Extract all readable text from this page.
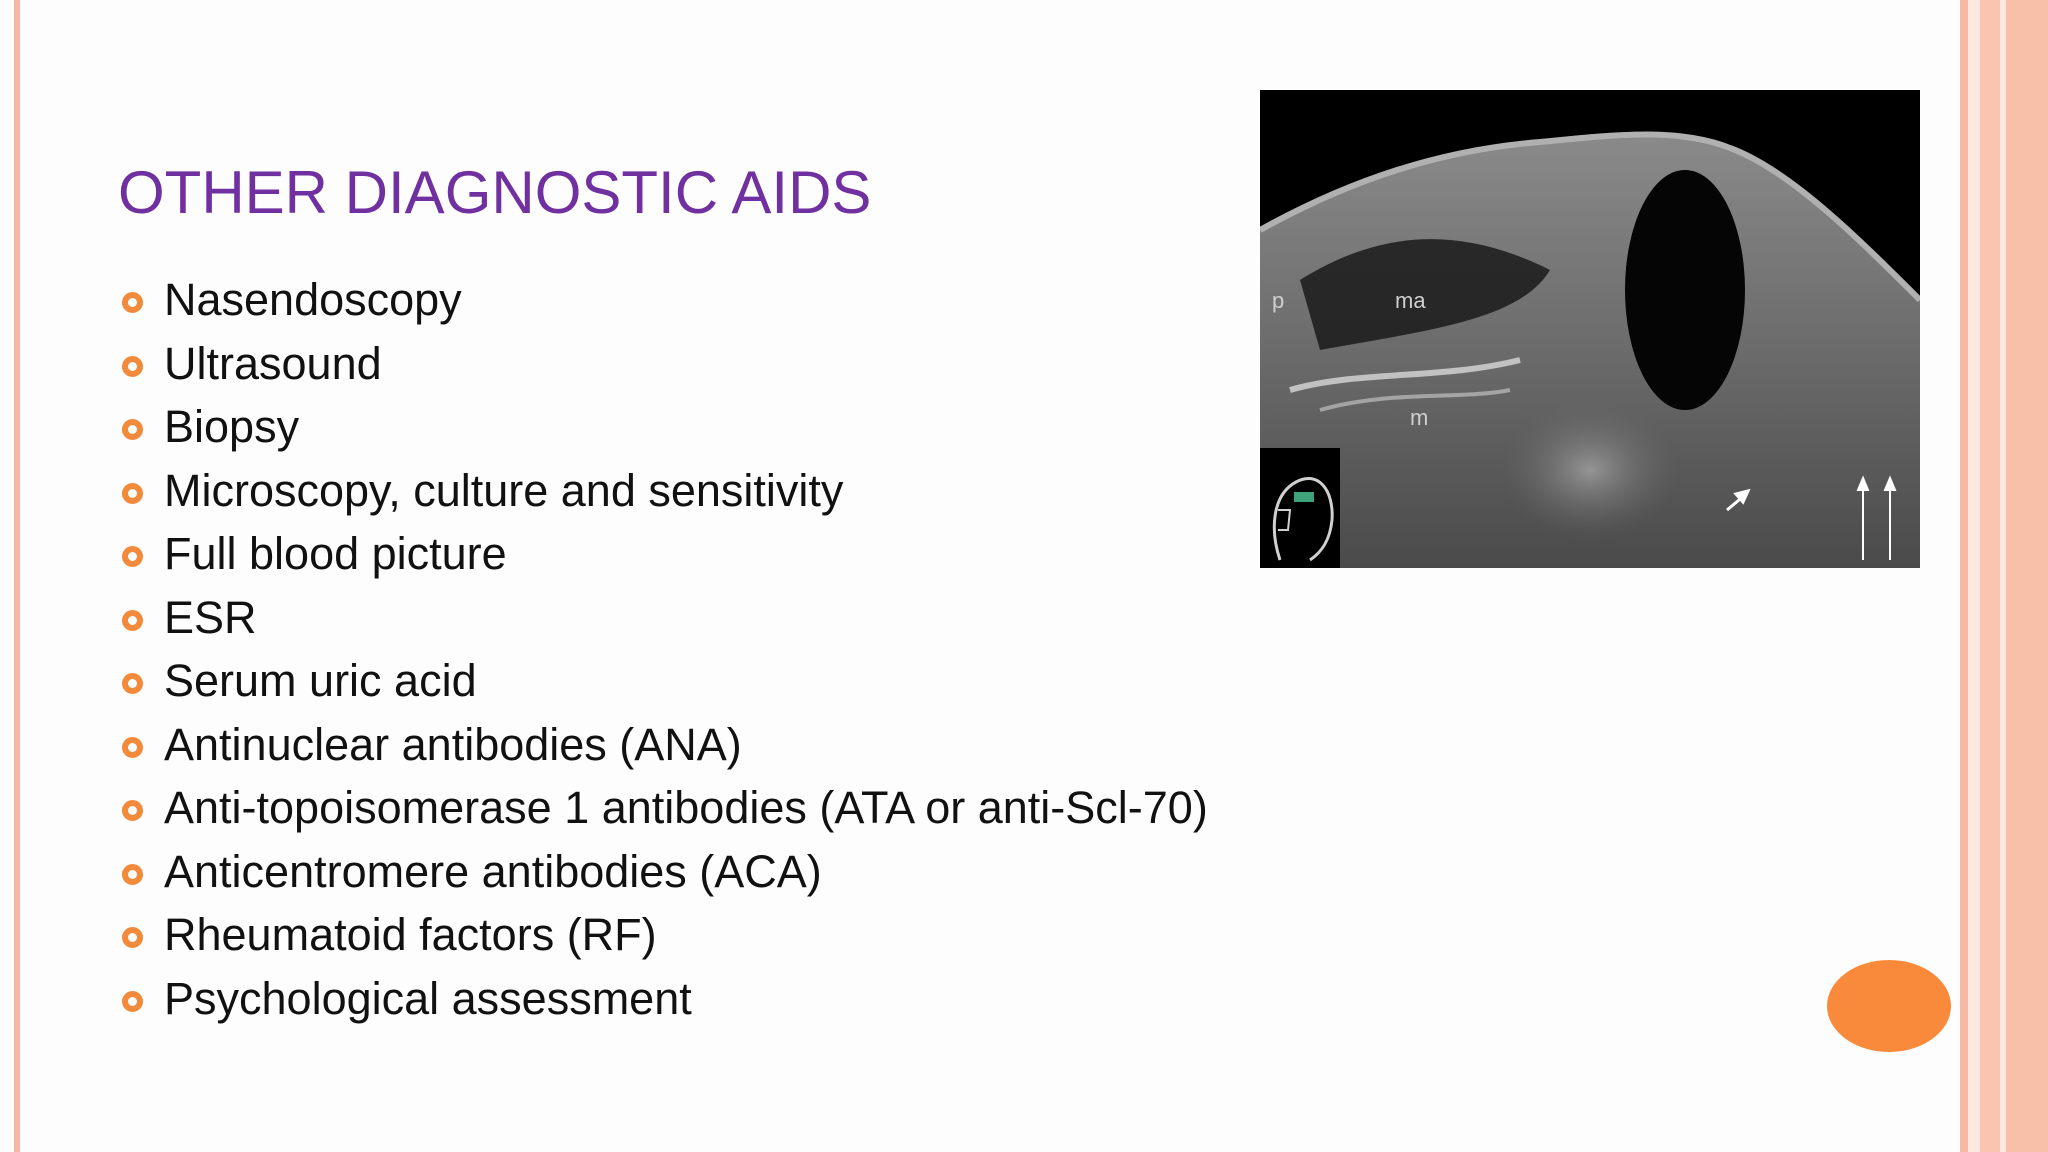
OTHER DIAGNOSTIC AIDS
Nasendoscopy
Ultrasound
Biopsy
Microscopy, culture and sensitivity
Full blood picture
ESR
Serum uric acid
Antinuclear antibodies (ANA)
Anti-topoisomerase 1 antibodies (ATA or anti-Scl-70)
Anticentromere antibodies (ACA)
Rheumatoid factors (RF)
Psychological assessment
p	ma
m
